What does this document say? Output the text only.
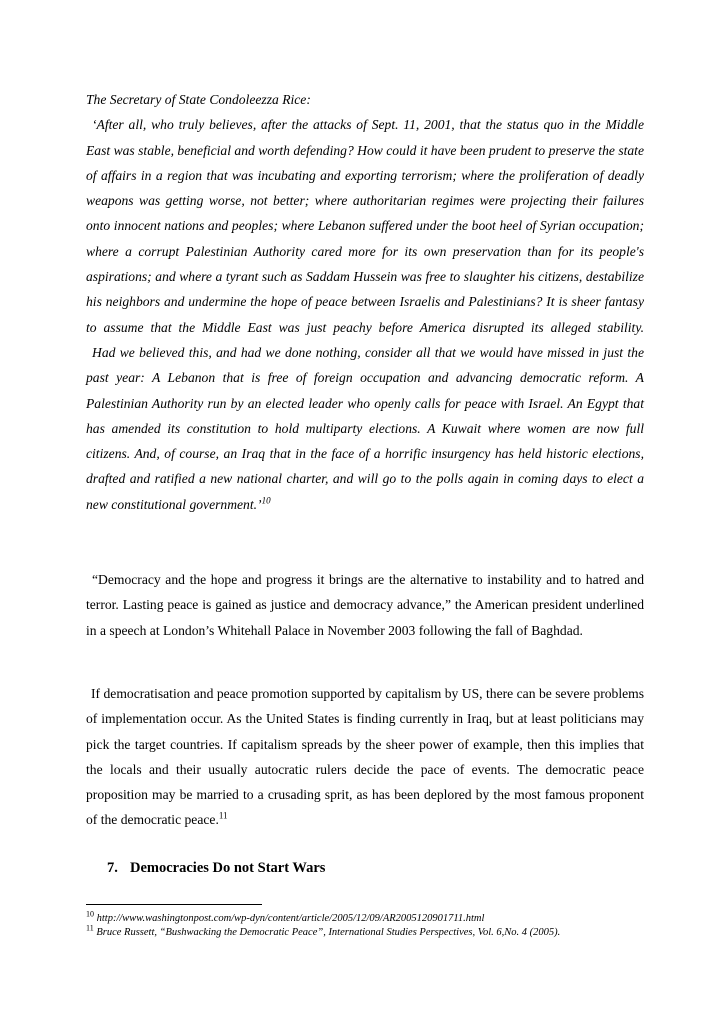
The Secretary of State Condoleezza Rice:

‘After all, who truly believes, after the attacks of Sept. 11, 2001, that the status quo in the Middle East was stable, beneficial and worth defending? How could it have been prudent to preserve the state of affairs in a region that was incubating and exporting terrorism; where the proliferation of deadly weapons was getting worse, not better; where authoritarian regimes were projecting their failures onto innocent nations and peoples; where Lebanon suffered under the boot heel of Syrian occupation; where a corrupt Palestinian Authority cared more for its own preservation than for its people's aspirations; and where a tyrant such as Saddam Hussein was free to slaughter his citizens, destabilize his neighbors and undermine the hope of peace between Israelis and Palestinians? It is sheer fantasy to assume that the Middle East was just peachy before America disrupted its alleged stability.

Had we believed this, and had we done nothing, consider all that we would have missed in just the past year: A Lebanon that is free of foreign occupation and advancing democratic reform. A Palestinian Authority run by an elected leader who openly calls for peace with Israel. An Egypt that has amended its constitution to hold multiparty elections. A Kuwait where women are now full citizens. And, of course, an Iraq that in the face of a horrific insurgency has held historic elections, drafted and ratified a new national charter, and will go to the polls again in coming days to elect a new constitutional government.’$^{10}$

“Democracy and the hope and progress it brings are the alternative to instability and to hatred and terror. Lasting peace is gained as justice and democracy advance,” the American president underlined in a speech at London’s Whitehall Palace in November 2003 following the fall of Baghdad.

If democratisation and peace promotion supported by capitalism by US, there can be severe problems of implementation occur. As the United States is finding currently in Iraq, but at least politicians may pick the target countries. If capitalism spreads by the sheer power of example, then this implies that the locals and their usually autocratic rulers decide the pace of events. The democratic peace proposition may be married to a crusading sprit, as has been deplored by the most famous proponent of the democratic peace.$^{11}$

7. Democracies Do not Start Wars

$^{10}$ http://www.washingtonpost.com/wp-dyn/content/article/2005/12/09/AR2005120901711.html

$^{11}$ Bruce Russett, “Bushwacking the Democratic Peace”, International Studies Perspectives, Vol. 6,No. 4 (2005).
